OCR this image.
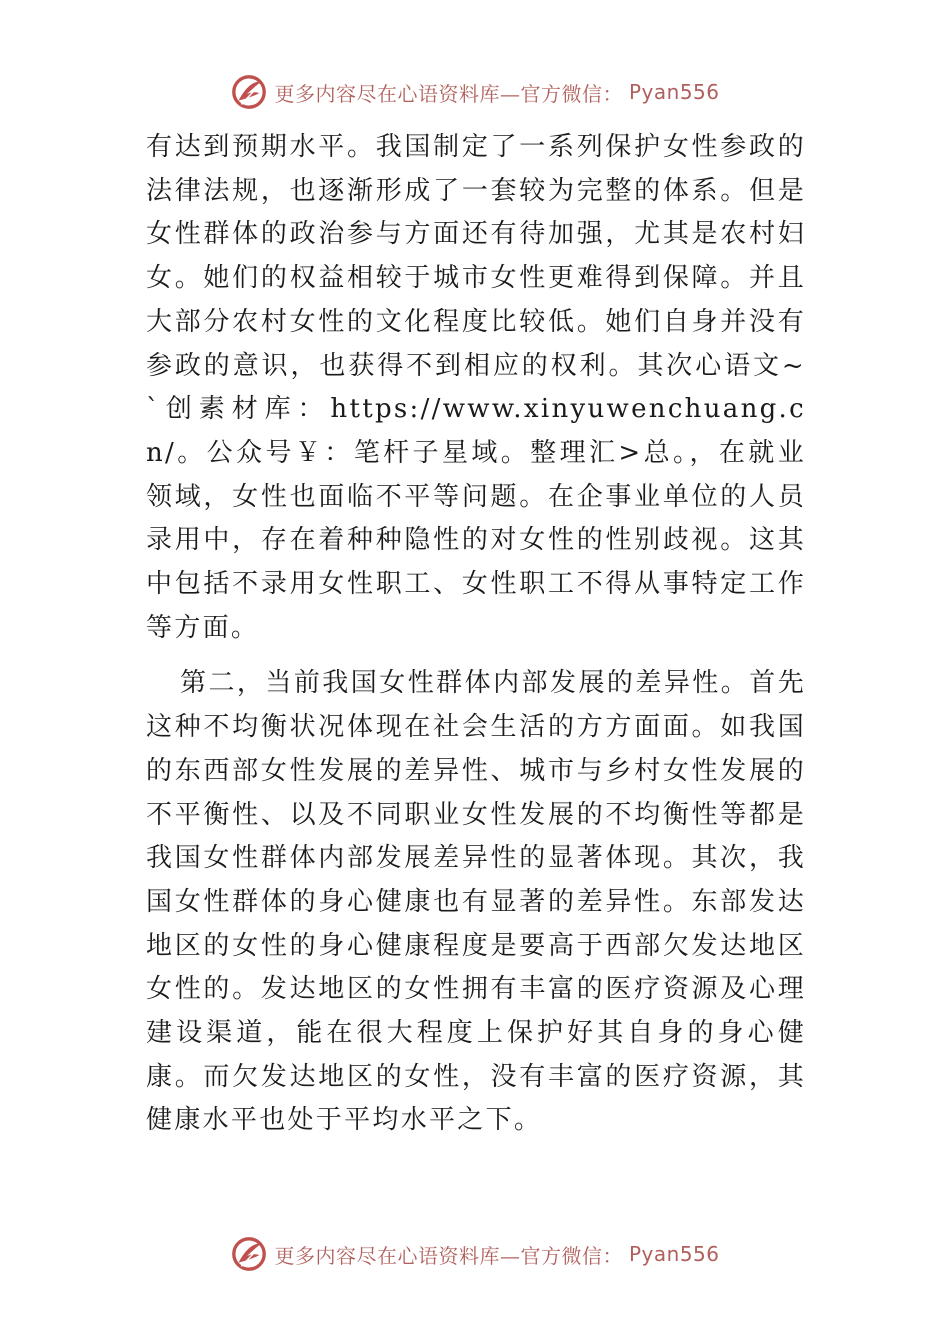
更多内容尽在心语资料库—官方微信： Pyan556

有达到预期水平。我国制定了一系列保护女性参政的法律法规，也逐渐形成了一套较为完整的体系。但是女性群体的政治参与方面还有待加强，尤其是农村妇女。她们的权益相较于城市女性更难得到保障。并且大部分农村女性的文化程度比较低。她们自身并没有参政的意识，也获得不到相应的权利。其次心语文~`创素材库：https://www.xinyuwenchuang.cn/。公众号￥：笔杆子星域。整理汇>总。，在就业领域，女性也面临不平等问题。在企事业单位的人员录用中，存在着种种隐性的对女性的性别歧视。这其中包括不录用女性职工、女性职工不得从事特定工作等方面。

第二，当前我国女性群体内部发展的差异性。首先这种不均衡状况体现在社会生活的方方面面。如我国的东西部女性发展的差异性、城市与乡村女性发展的不平衡性、以及不同职业女性发展的不均衡性等都是我国女性群体内部发展差异性的显著体现。其次，我国女性群体的身心健康也有显著的差异性。东部发达地区的女性的身心健康程度是要高于西部欠发达地区女性的。发达地区的女性拥有丰富的医疗资源及心理建设渠道，能在很大程度上保护好其自身的身心健康。而欠发达地区的女性，没有丰富的医疗资源，其健康水平也处于平均水平之下。

更多内容尽在心语资料库—官方微信： Pyan556
